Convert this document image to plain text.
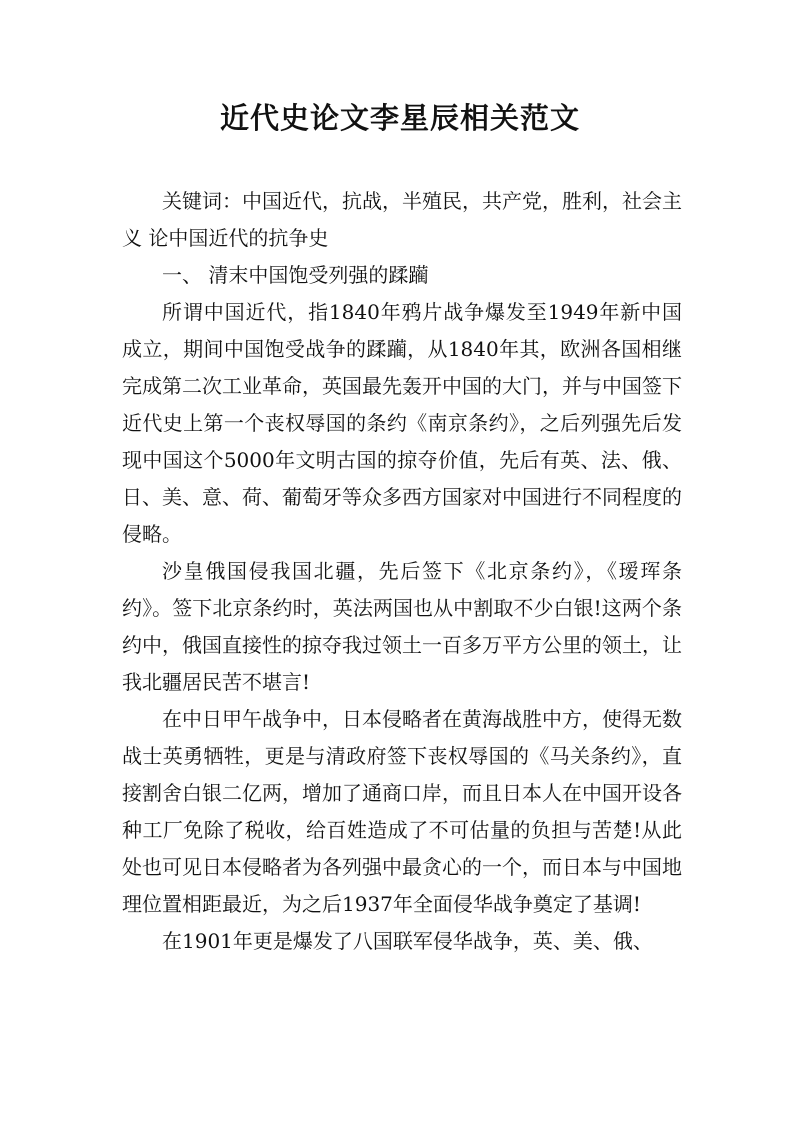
近代史论文李星辰相关范文

关键词：中国近代，抗战，半殖民，共产党，胜利，社会主义 论中国近代的抗争史

一、 清末中国饱受列强的蹂躏

所谓中国近代，指1840年鸦片战争爆发至1949年新中国成立，期间中国饱受战争的蹂躏，从1840年其，欧洲各国相继完成第二次工业革命，英国最先轰开中国的大门，并与中国签下近代史上第一个丧权辱国的条约《南京条约》，之后列强先后发现中国这个5000年文明古国的掠夺价值，先后有英、法、俄、日、美、意、荷、葡萄牙等众多西方国家对中国进行不同程度的侵略。

沙皇俄国侵我国北疆，先后签下《北京条约》，《瑷珲条约》。签下北京条约时，英法两国也从中割取不少白银!这两个条约中，俄国直接性的掠夺我过领土一百多万平方公里的领土，让我北疆居民苦不堪言!

在中日甲午战争中，日本侵略者在黄海战胜中方，使得无数战士英勇牺牲，更是与清政府签下丧权辱国的《马关条约》，直接割舍白银二亿两，增加了通商口岸，而且日本人在中国开设各种工厂免除了税收，给百姓造成了不可估量的负担与苦楚!从此处也可见日本侵略者为各列强中最贪心的一个，而日本与中国地理位置相距最近，为之后1937年全面侵华战争奠定了基调!

在1901年更是爆发了八国联军侵华战争，英、美、俄、
